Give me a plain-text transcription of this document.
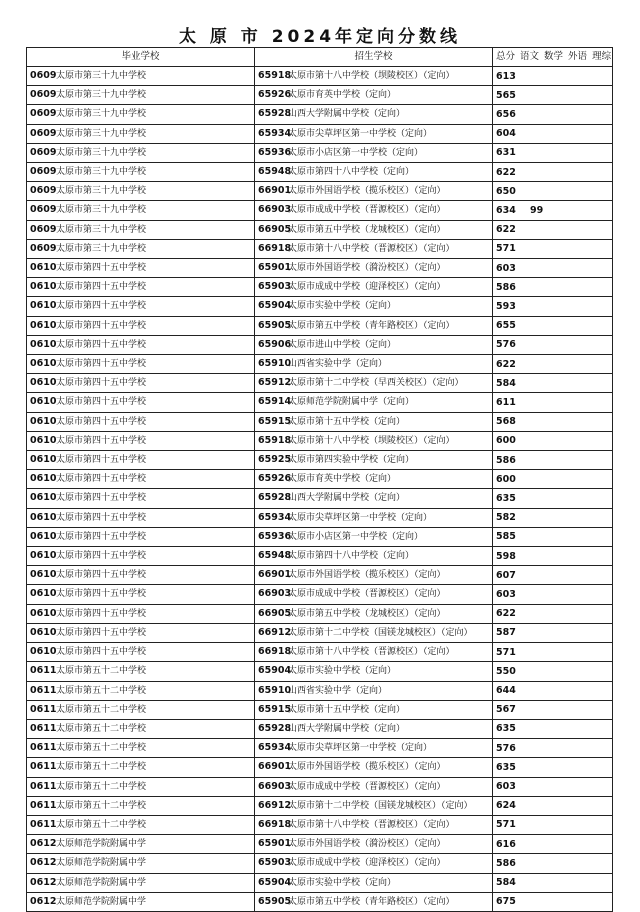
太 原 市 2024年定向分数线
毕业学校	招生学校	总分 语文 数学 外语 理综
0609太原市第三十九中学校	65918太原市第十八中学校（坝陵校区）（定向）	613
0609太原市第三十九中学校	65926太原市育英中学校（定向）	565
0609太原市第三十九中学校	65928山西大学附属中学校（定向）	656
0609太原市第三十九中学校	65934太原市尖草坪区第一中学校（定向）	604
0609太原市第三十九中学校	65936太原市小店区第一中学校（定向）	631
0609太原市第三十九中学校	65948太原市第四十八中学校（定向）	622
0609太原市第三十九中学校	66901太原市外国语学校（揽乐校区）（定向）	650
0609太原市第三十九中学校	66903太原市成成中学校（晋源校区）（定向）	634 99
0609太原市第三十九中学校	66905太原市第五中学校（龙城校区）（定向）	622
0609太原市第三十九中学校	66918太原市第十八中学校（晋源校区）（定向）	571
0610太原市第四十五中学校	65901太原市外国语学校（漪汾校区）（定向）	603
0610太原市第四十五中学校	65903太原市成成中学校（迎泽校区）（定向）	586
0610太原市第四十五中学校	65904太原市实验中学校（定向）	593
0610太原市第四十五中学校	65905太原市第五中学校（青年路校区）（定向）	655
0610太原市第四十五中学校	65906太原市进山中学校（定向）	576
0610太原市第四十五中学校	65910山西省实验中学（定向）	622
0610太原市第四十五中学校	65912太原市第十二中学校（早西关校区）（定向）	584
0610太原市第四十五中学校	65914太原师范学院附属中学（定向）	611
0610太原市第四十五中学校	65915太原市第十五中学校（定向）	568
0610太原市第四十五中学校	65918太原市第十八中学校（坝陵校区）（定向）	600
0610太原市第四十五中学校	65925太原市第四实验中学校（定向）	586
0610太原市第四十五中学校	65926太原市育英中学校（定向）	600
0610太原市第四十五中学校	65928山西大学附属中学校（定向）	635
0610太原市第四十五中学校	65934太原市尖草坪区第一中学校（定向）	582
0610太原市第四十五中学校	65936太原市小店区第一中学校（定向）	585
0610太原市第四十五中学校	65948太原市第四十八中学校（定向）	598
0610太原市第四十五中学校	66901太原市外国语学校（揽乐校区）（定向）	607
0610太原市第四十五中学校	66903太原市成成中学校（晋源校区）（定向）	603
0610太原市第四十五中学校	66905太原市第五中学校（龙城校区）（定向）	622
0610太原市第四十五中学校	66912太原市第十二中学校（国镁龙城校区）（定向）	587
0610太原市第四十五中学校	66918太原市第十八中学校（晋源校区）（定向）	571
0611太原市第五十二中学校	65904太原市实验中学校（定向）	550
0611太原市第五十二中学校	65910山西省实验中学（定向）	644
0611太原市第五十二中学校	65915太原市第十五中学校（定向）	567
0611太原市第五十二中学校	65928山西大学附属中学校（定向）	635
0611太原市第五十二中学校	65934太原市尖草坪区第一中学校（定向）	576
0611太原市第五十二中学校	66901太原市外国语学校（揽乐校区）（定向）	635
0611太原市第五十二中学校	66903太原市成成中学校（晋源校区）（定向）	603
0611太原市第五十二中学校	66912太原市第十二中学校（国镁龙城校区）（定向）	624
0611太原市第五十二中学校	66918太原市第十八中学校（晋源校区）（定向）	571
0612太原师范学院附属中学	65901太原市外国语学校（漪汾校区）（定向）	616
0612太原师范学院附属中学	65903太原市成成中学校（迎泽校区）（定向）	586
0612太原师范学院附属中学	65904太原市实验中学校（定向）	584
0612太原师范学院附属中学	65905太原市第五中学校（青年路校区）（定向）	675
